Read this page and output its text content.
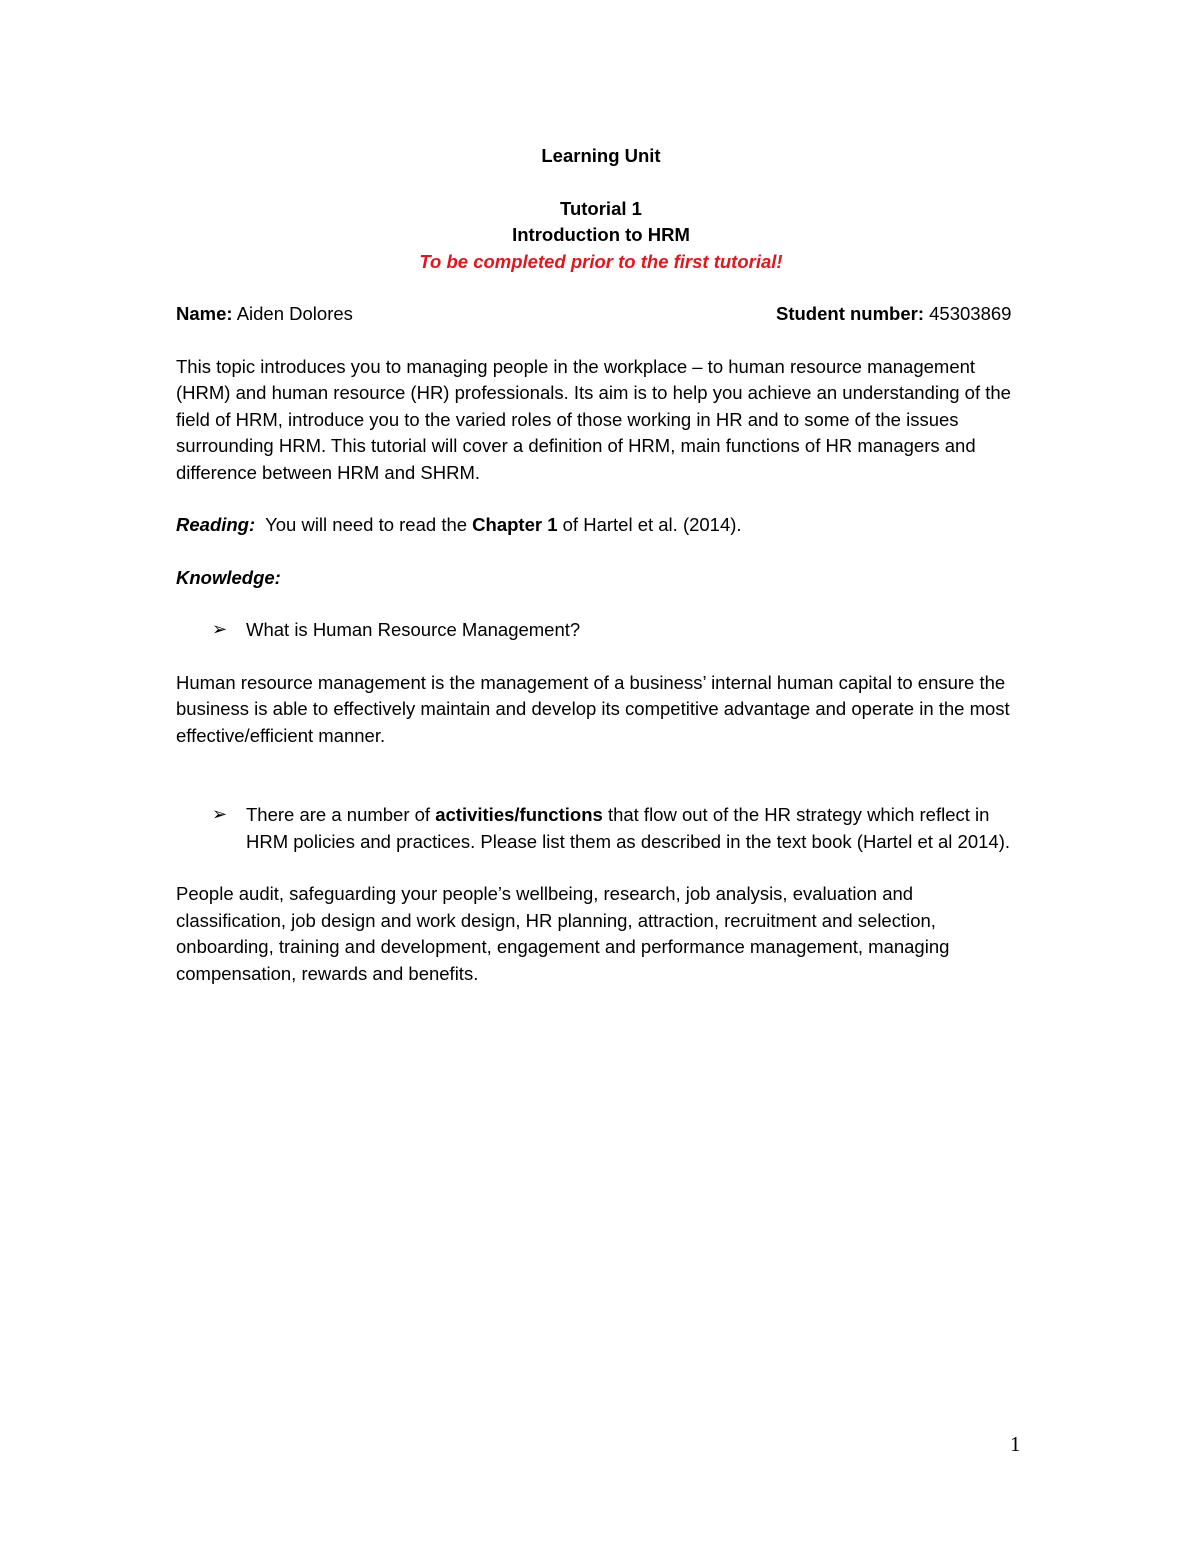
Learning Unit

Tutorial 1

Introduction to HRM

To be completed prior to the first tutorial!

Name: Aiden Dolores	Student number: 45303869

This topic introduces you to managing people in the workplace – to human resource management (HRM) and human resource (HR) professionals. Its aim is to help you achieve an understanding of the field of HRM, introduce you to the varied roles of those working in HR and to some of the issues surrounding HRM. This tutorial will cover a definition of HRM, main functions of HR managers and difference between HRM and SHRM.

Reading: You will need to read the Chapter 1 of Hartel et al. (2014).

Knowledge:

➢ What is Human Resource Management?

Human resource management is the management of a business’ internal human capital to ensure the business is able to effectively maintain and develop its competitive advantage and operate in the most effective/efficient manner.

➢ There are a number of activities/functions that flow out of the HR strategy which reflect in HRM policies and practices. Please list them as described in the text book (Hartel et al 2014).

People audit, safeguarding your people’s wellbeing, research, job analysis, evaluation and classification, job design and work design, HR planning, attraction, recruitment and selection, onboarding, training and development, engagement and performance management, managing compensation, rewards and benefits.

1
